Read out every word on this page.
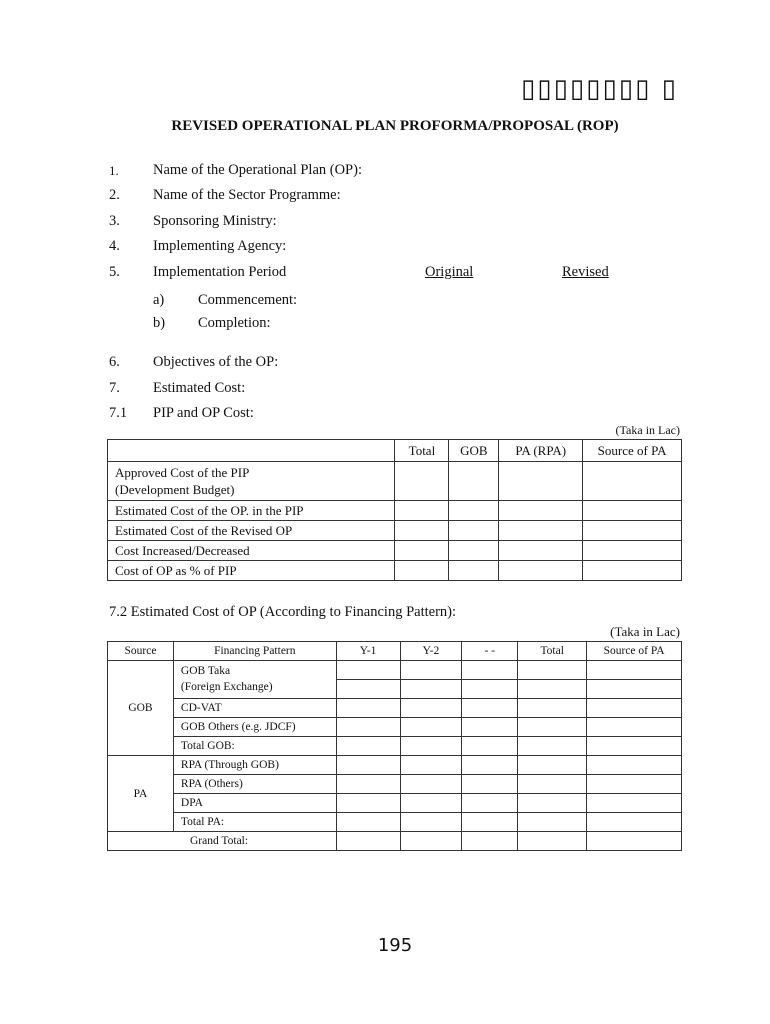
▯▯▯▯▯▯▯▯ ▯
REVISED OPERATIONAL PLAN PROFORMA/PROPOSAL (ROP)
1. Name of the Operational Plan (OP):
2. Name of the Sector Programme:
3. Sponsoring Ministry:
4. Implementing Agency:
5. Implementation Period	Original	Revised
a) Commencement:
b) Completion:
6. Objectives of the OP:
7. Estimated Cost:
7.1 PIP and OP Cost:
(Taka in Lac)
	Total	GOB	PA (RPA)	Source of PA
Approved Cost of the PIP
(Development Budget)				
Estimated Cost of the OP. in the PIP				
Estimated Cost of the Revised OP				
Cost Increased/Decreased				
Cost of OP as % of PIP				
7.2 Estimated Cost of OP (According to Financing Pattern):
(Taka in Lac)
Source	Financing Pattern	Y-1	Y-2	- -	Total	Source of PA
GOB	GOB Taka
(Foreign Exchange)					

	CD-VAT					
	GOB Others (e.g. JDCF)					
	Total GOB:					
PA	RPA (Through GOB)					
	RPA (Others)					
	DPA					
	Total PA:					
Grand Total:						
195
